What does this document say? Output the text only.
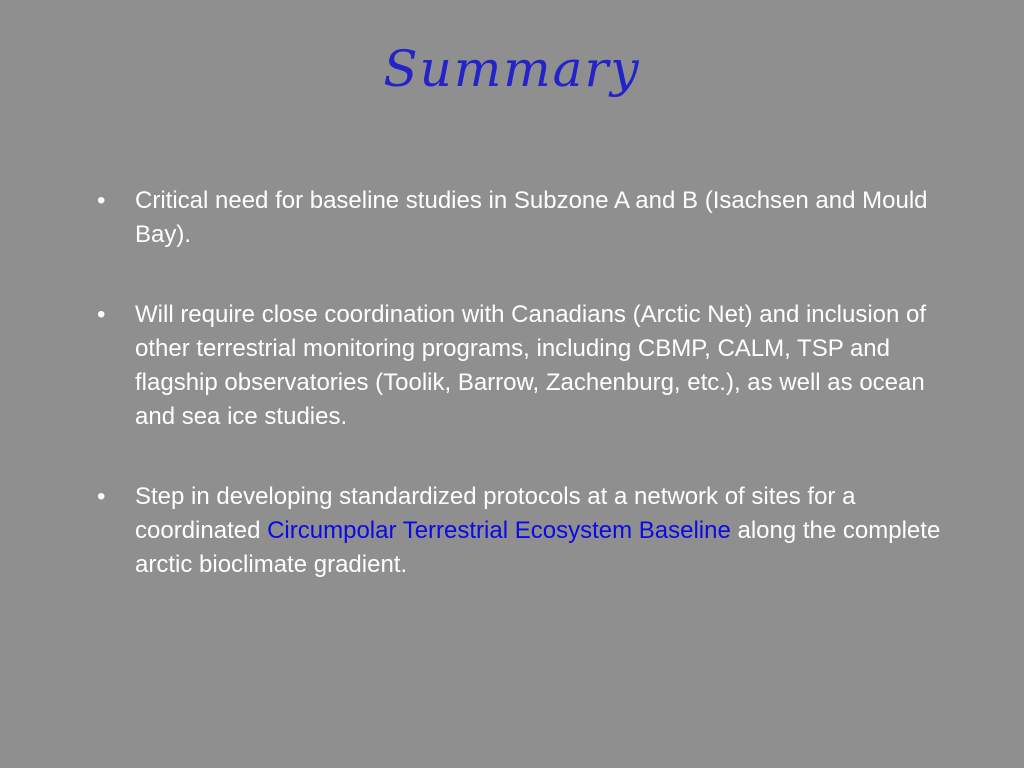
Summary
• Critical need for baseline studies in Subzone A and B (Isachsen and Mould Bay).
• Will require close coordination with Canadians (Arctic Net) and inclusion of other terrestrial monitoring programs, including CBMP, CALM, TSP and flagship observatories (Toolik, Barrow, Zachenburg, etc.), as well as ocean and sea ice studies.
• Step in developing standardized protocols at a network of sites for a coordinated Circumpolar Terrestrial Ecosystem Baseline along the complete arctic bioclimate gradient.
